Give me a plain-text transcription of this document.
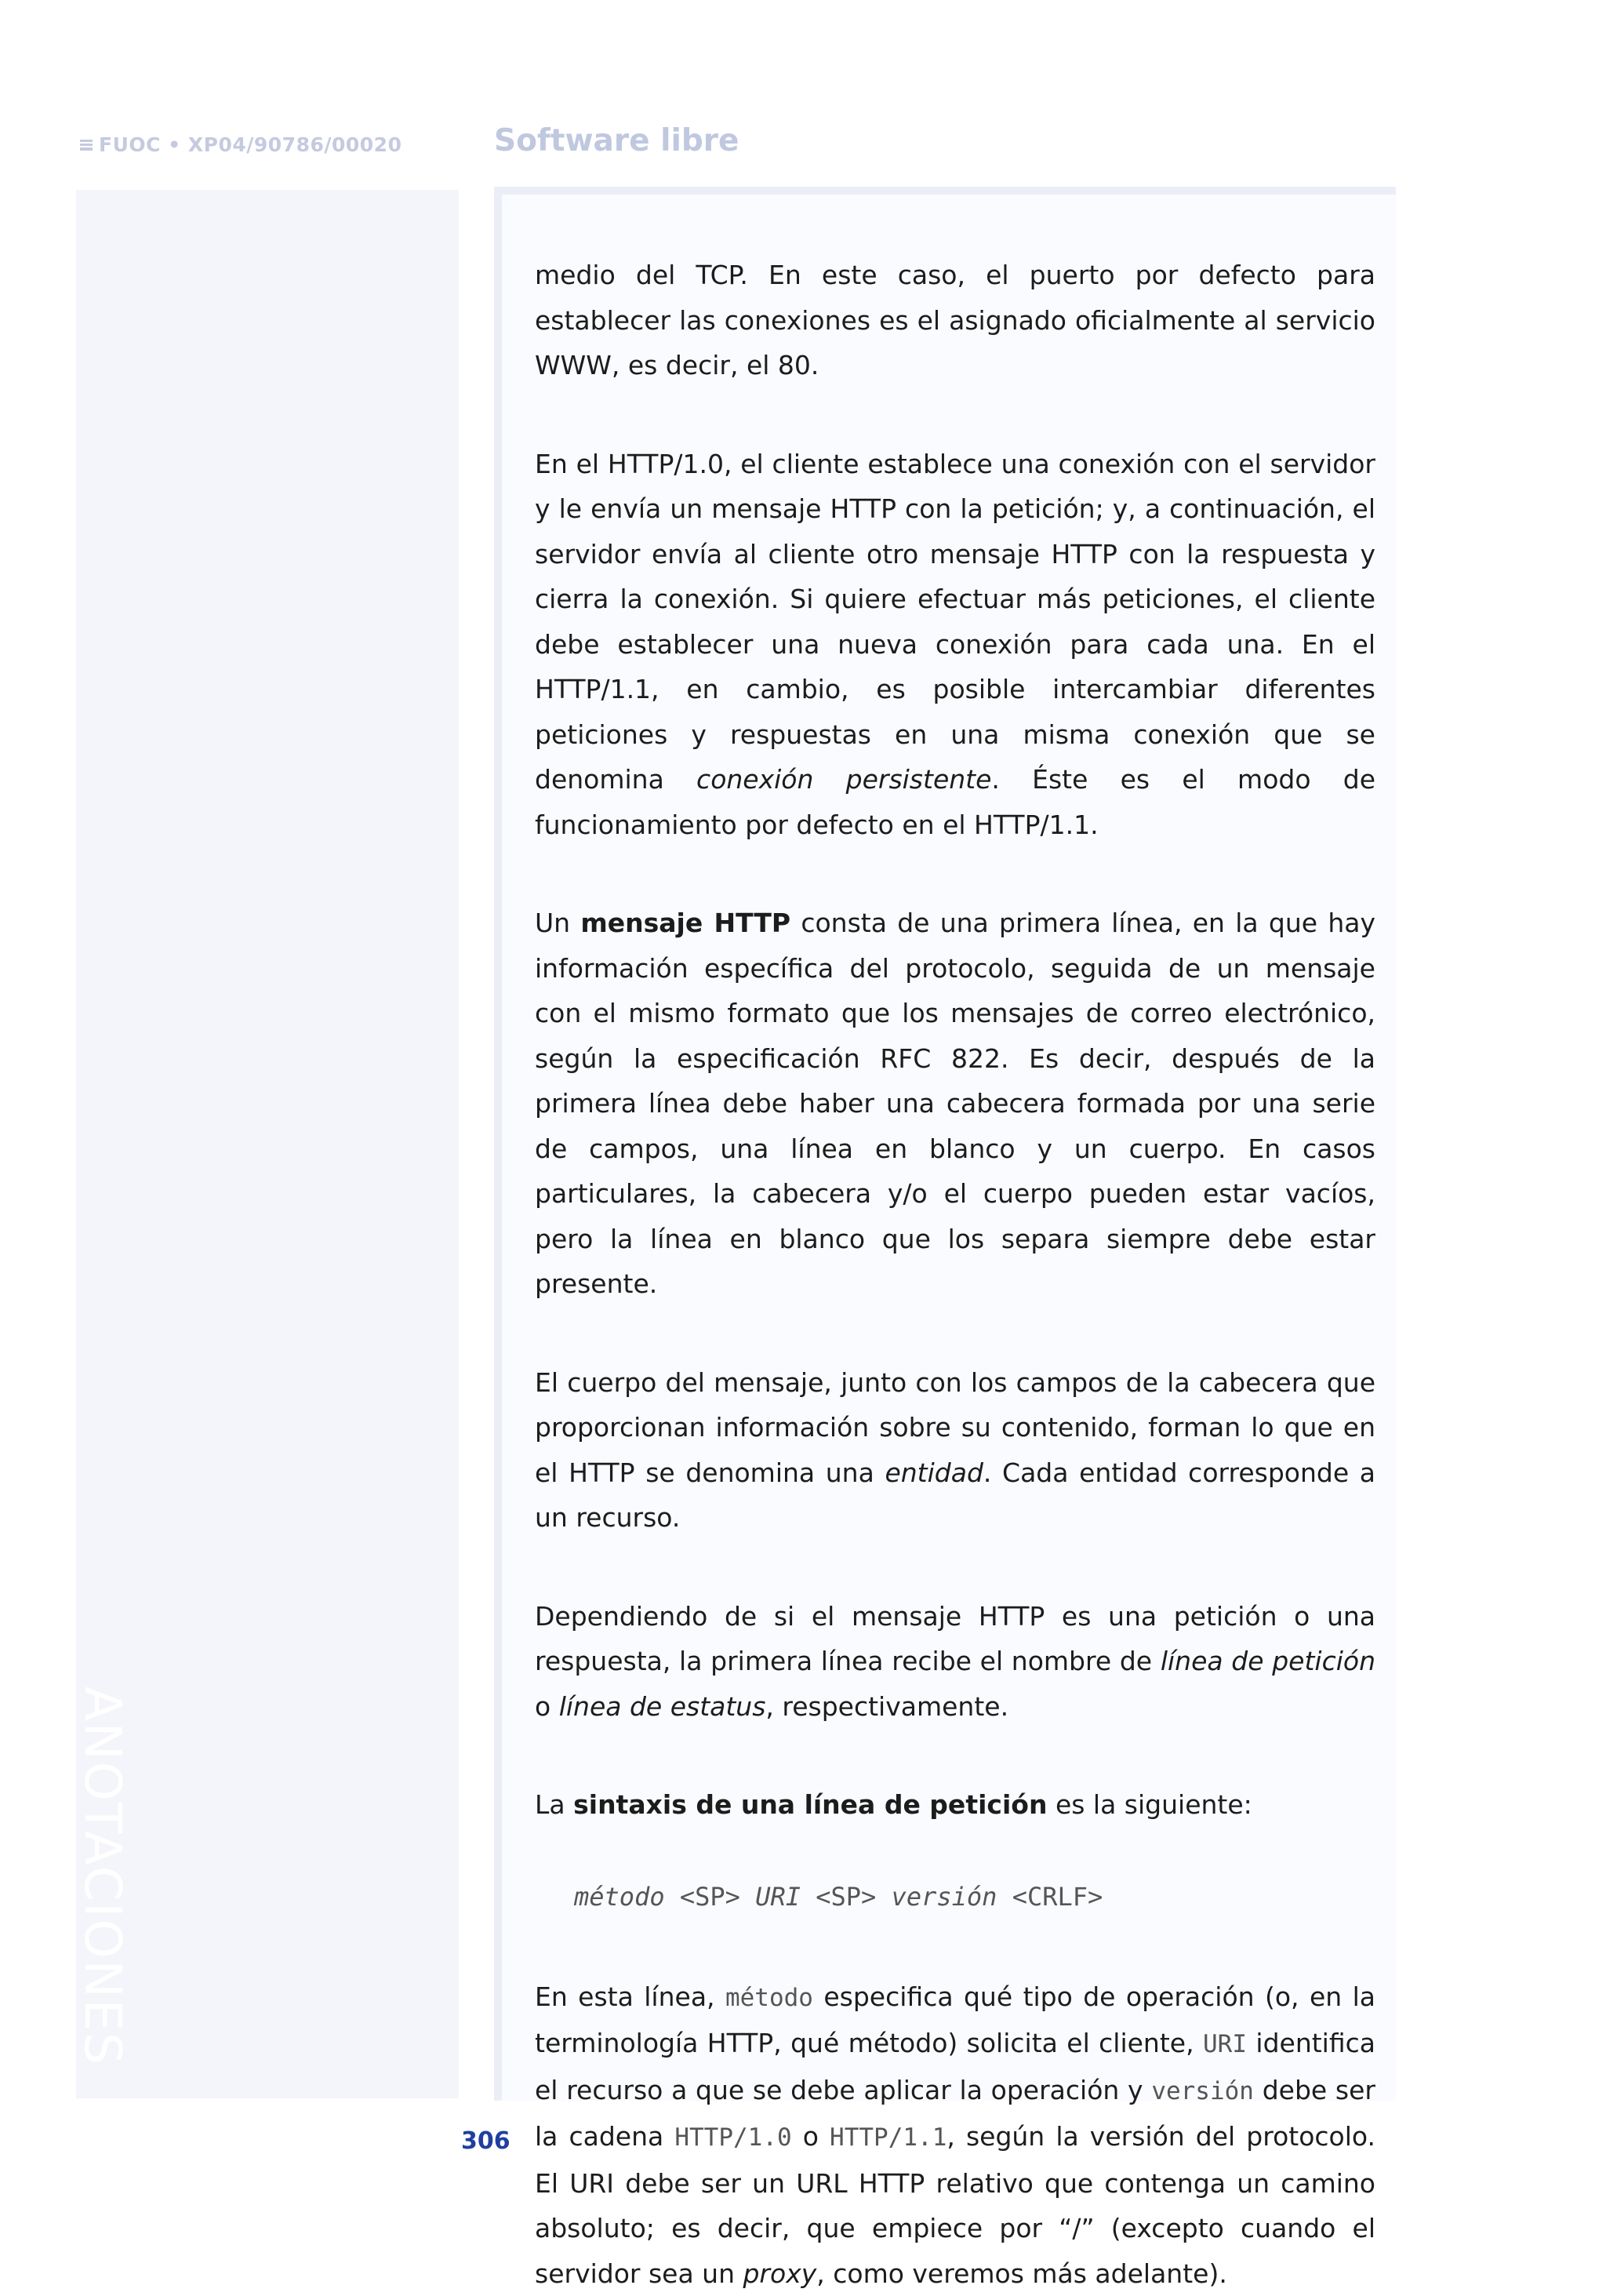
FUOC • XP04/90786/00020	Software libre
ANOTACIONES

medio del TCP. En este caso, el puerto por defecto para establecer las conexiones es el asignado oficialmente al servicio WWW, es decir, el 80.

En el HTTP/1.0, el cliente establece una conexión con el servidor y le envía un mensaje HTTP con la petición; y, a continuación, el servidor envía al cliente otro mensaje HTTP con la respuesta y cierra la conexión. Si quiere efectuar más peticiones, el cliente debe establecer una nueva conexión para cada una. En el HTTP/1.1, en cambio, es posible intercambiar diferentes peticiones y respuestas en una misma conexión que se denomina conexión persistente. Éste es el modo de funcionamiento por defecto en el HTTP/1.1.

Un mensaje HTTP consta de una primera línea, en la que hay información específica del protocolo, seguida de un mensaje con el mismo formato que los mensajes de correo electrónico, según la especificación RFC 822. Es decir, después de la primera línea debe haber una cabecera formada por una serie de campos, una línea en blanco y un cuerpo. En casos particulares, la cabecera y/o el cuerpo pueden estar vacíos, pero la línea en blanco que los separa siempre debe estar presente.

El cuerpo del mensaje, junto con los campos de la cabecera que proporcionan información sobre su contenido, forman lo que en el HTTP se denomina una entidad. Cada entidad corresponde a un recurso.

Dependiendo de si el mensaje HTTP es una petición o una respuesta, la primera línea recibe el nombre de línea de petición o línea de estatus, respectivamente.

La sintaxis de una línea de petición es la siguiente:

método <SP> URI <SP> versión <CRLF>

En esta línea, método especifica qué tipo de operación (o, en la terminología HTTP, qué método) solicita el cliente, URI identifica el recurso a que se debe aplicar la operación y versión debe ser la cadena HTTP/1.0 o HTTP/1.1, según la versión del protocolo. El URI debe ser un URL HTTP relativo que contenga un camino absoluto; es decir, que empiece por “/” (excepto cuando el servidor sea un proxy, como veremos más adelante).

306
